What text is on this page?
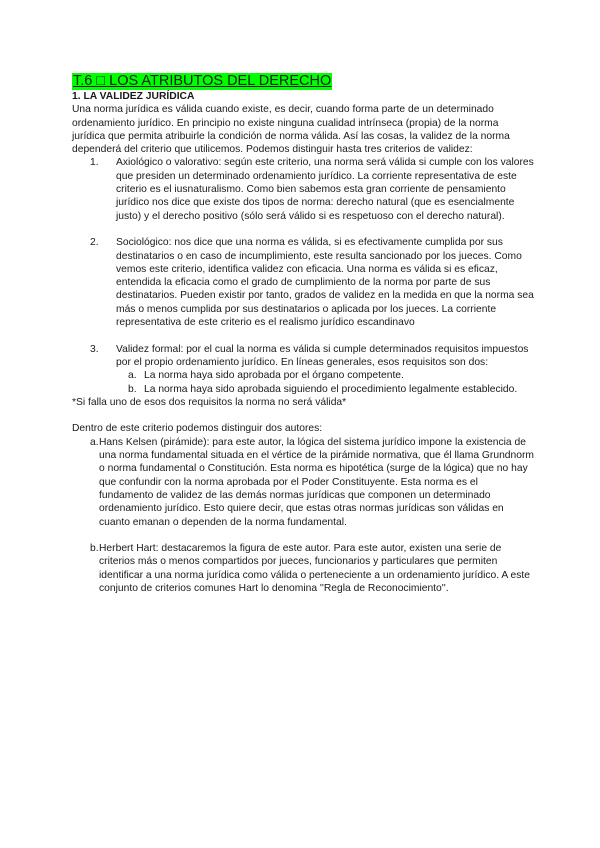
T.6 □ LOS ATRIBUTOS DEL DERECHO
1. LA VALIDEZ JURÍDICA

Una norma jurídica es válida cuando existe, es decir, cuando forma parte de un determinado ordenamiento jurídico. En principio no existe ninguna cualidad intrínseca (propia) de la norma jurídica que permita atribuirle la condición de norma válida. Así las cosas, la validez de la norma dependerá del criterio que utilicemos. Podemos distinguir hasta tres criterios de validez:

1. Axiológico o valorativo: según este criterio, una norma será válida si cumple con los valores que presiden un determinado ordenamiento jurídico. La corriente representativa de este criterio es el iusnaturalismo. Como bien sabemos esta gran corriente de pensamiento jurídico nos dice que existe dos tipos de norma: derecho natural (que es esencialmente justo) y el derecho positivo (sólo será válido si es respetuoso con el derecho natural).
2. Sociológico: nos dice que una norma es válida, si es efectivamente cumplida por sus destinatarios o en caso de incumplimiento, este resulta sancionado por los jueces. Como vemos este criterio, identifica validez con eficacia. Una norma es válida si es eficaz, entendida la eficacia como el grado de cumplimiento de la norma por parte de sus destinatarios. Pueden existir por tanto, grados de validez en la medida en que la norma sea más o menos cumplida por sus destinatarios o aplicada por los jueces. La corriente representativa de este criterio es el realismo jurídico escandinavo
3. Validez formal: por el cual la norma es válida si cumple determinados requisitos impuestos por el propio ordenamiento jurídico. En líneas generales, esos requisitos son dos:
a. La norma haya sido aprobada por el órgano competente.
b. La norma haya sido aprobada siguiendo el procedimiento legalmente establecido.

*Si falla uno de esos dos requisitos la norma no será válida*

Dentro de este criterio podemos distinguir dos autores:

a. Hans Kelsen (pirámide): para este autor, la lógica del sistema jurídico impone la existencia de una norma fundamental situada en el vértice de la pirámide normativa, que él llama Grundnorm o norma fundamental o Constitución. Esta norma es hipotética (surge de la lógica) que no hay que confundir con la norma aprobada por el Poder Constituyente. Esta norma es el fundamento de validez de las demás normas jurídicas que componen un determinado ordenamiento jurídico. Esto quiere decir, que estas otras normas jurídicas son válidas en cuanto emanan o dependen de la norma fundamental.
b. Herbert Hart: destacaremos la figura de este autor. Para este autor, existen una serie de criterios más o menos compartidos por jueces, funcionarios y particulares que permiten identificar a una norma jurídica como válida o perteneciente a un ordenamiento jurídico. A este conjunto de criterios comunes Hart lo denomina ''Regla de Reconocimiento''.
